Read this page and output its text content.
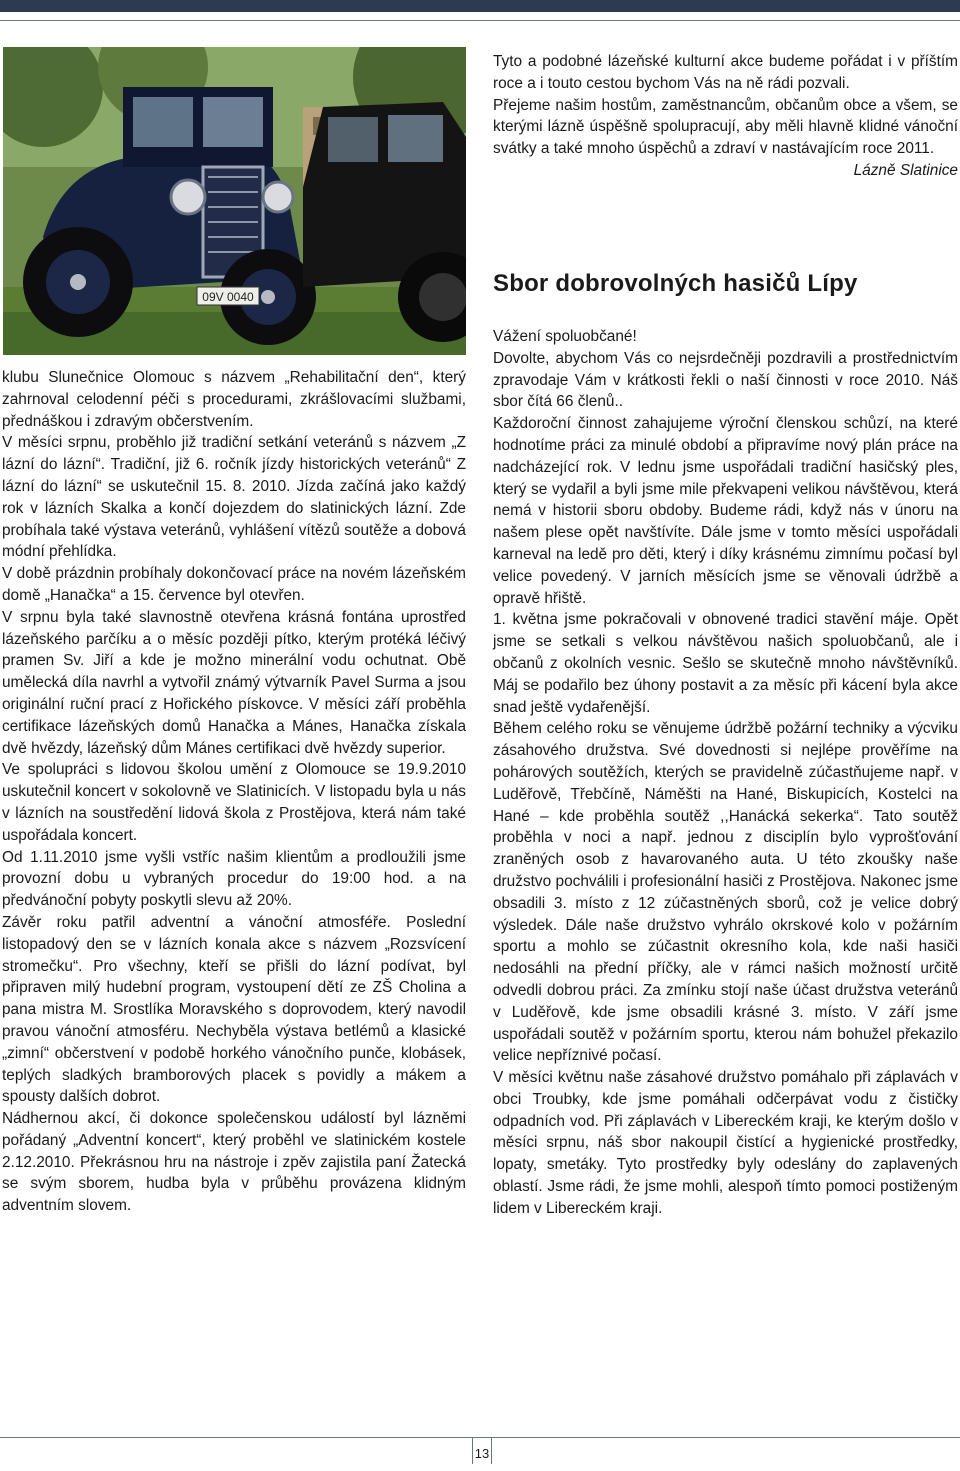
09V 0040

klubu Slunečnice Olomouc s názvem „Rehabilitační den“, který zahrnoval celodenní péči s procedurami, zkrášlovacími službami, přednáškou i zdravým občerstvením.

V měsíci srpnu, proběhlo již tradiční setkání veteránů s názvem „Z lázní do lázní“. Tradiční, již 6. ročník jízdy historických veteránů“ Z lázní do lázní“ se uskutečnil 15. 8. 2010. Jízda začíná jako každý rok v lázních Skalka a končí dojezdem do slatinických lázní. Zde probíhala také výstava veteránů, vyhlášení vítězů soutěže a dobová módní přehlídka.

V době prázdnin probíhaly dokončovací práce na novém lázeňském domě „Hanačka“ a 15. července byl otevřen.

V srpnu byla také slavnostně otevřena krásná fontána uprostřed lázeňského parčíku a o měsíc později pítko, kterým protéká léčivý pramen Sv. Jiří a kde je možno minerální vodu ochutnat. Obě umělecká díla navrhl a vytvořil známý výtvarník Pavel Surma a jsou originální ruční prací z Hořického pískovce. V měsíci září proběhla certifikace lázeňských domů Hanačka a Mánes, Hanačka získala dvě hvězdy, lázeňský dům Mánes certifikaci dvě hvězdy superior.

Ve spolupráci s lidovou školou umění z Olomouce se 19.9.2010 uskutečnil koncert v sokolovně ve Slatinicích. V listopadu byla u nás v lázních na soustředění lidová škola z Prostějova, která nám také uspořádala koncert.

Od 1.11.2010 jsme vyšli vstříc našim klientům a prodloužili jsme provozní dobu u vybraných procedur do 19:00 hod. a na předvánoční pobyty poskytli slevu až 20%.

Závěr roku patřil adventní a vánoční atmosféře. Poslední listopadový den se v lázních konala akce s názvem „Rozsvícení stromečku“. Pro všechny, kteří se přišli do lázní podívat, byl připraven milý hudební program, vystoupení dětí ze ZŠ Cholina a pana mistra M. Srostlíka Moravského s doprovodem, který navodil pravou vánoční atmosféru. Nechyběla výstava betlémů a klasické „zimní“ občerstvení v podobě horkého vánočního punče, klobásek, teplých sladkých bramborových placek s povidly a mákem a spousty dalších dobrot.

Nádhernou akcí, či dokonce společenskou událostí byl lázněmi pořádaný „Adventní koncert“, který proběhl ve slatinickém kostele 2.12.2010. Překrásnou hru na nástroje i zpěv zajistila paní Žatecká se svým sborem, hudba byla v průběhu provázena klidným adventním slovem.

Tyto a podobné lázeňské kulturní akce budeme pořádat i v příštím roce a i touto cestou bychom Vás na ně rádi pozvali.

Přejeme našim hostům, zaměstnancům, občanům obce a všem, se kterými lázně úspěšně spolupracují, aby měli hlavně klidné vánoční svátky a také mnoho úspěchů a zdraví v nastávajícím roce 2011.

Lázně Slatinice

Sbor dobrovolných hasičů Lípy

Vážení spoluobčané!

Dovolte, abychom Vás co nejsrdečněji pozdravili a prostřednictvím zpravodaje Vám v krátkosti řekli o naší činnosti v roce 2010. Náš sbor čítá 66 členů..

Každoroční činnost zahajujeme výroční členskou schůzí, na které hodnotíme práci za minulé období a připravíme nový plán práce na nadcházející rok. V lednu jsme uspořádali tradiční hasičský ples, který se vydařil a byli jsme mile překvapeni velikou návštěvou, která nemá v historii sboru obdoby. Budeme rádi, když nás v únoru na našem plese opět navštívíte. Dále jsme v tomto měsíci uspořádali karneval na ledě pro děti, který i díky krásnému zimnímu počasí byl velice povedený. V jarních měsících jsme se věnovali údržbě a opravě hřiště.

1. května jsme pokračovali v obnovené tradici stavění máje. Opět jsme se setkali s velkou návštěvou našich spoluobčanů, ale i občanů z okolních vesnic. Sešlo se skutečně mnoho návštěvníků. Máj se podařilo bez úhony postavit a za měsíc při kácení byla akce snad ještě vydařenější.

Během celého roku se věnujeme údržbě požární techniky a výcviku zásahového družstva. Své dovednosti si nejlépe prověříme na pohárových soutěžích, kterých se pravidelně zúčastňujeme např. v Luděřově, Třebčíně, Náměšti na Hané, Biskupicích, Kostelci na Hané – kde proběhla soutěž ,,Hanácká sekerka“. Tato soutěž proběhla v noci a např. jednou z disciplín bylo vyprošťování zraněných osob z havarovaného auta. U této zkoušky naše družstvo pochválili i profesionální hasiči z Prostějova. Nakonec jsme obsadili 3. místo z 12 zúčastněných sborů, což je velice dobrý výsledek. Dále naše družstvo vyhrálo okrskové kolo v požárním sportu a mohlo se zúčastnit okresního kola, kde naši hasiči nedosáhli na přední příčky, ale v rámci našich možností určitě odvedli dobrou práci. Za zmínku stojí naše účast družstva veteránů v Luděřově, kde jsme obsadili krásné 3. místo. V září jsme uspořádali soutěž v požárním sportu, kterou nám bohužel překazilo velice nepříznivé počasí.

V měsíci květnu naše zásahové družstvo pomáhalo při záplavách v obci Troubky, kde jsme pomáhali odčerpávat vodu z čističky odpadních vod. Při záplavách v Libereckém kraji, ke kterým došlo v měsíci srpnu, náš sbor nakoupil čistící a hygienické prostředky, lopaty, smetáky. Tyto prostředky byly odeslány do zaplavených oblastí. Jsme rádi, že jsme mohli, alespoň tímto pomoci postiženým lidem v Libereckém kraji.

13
